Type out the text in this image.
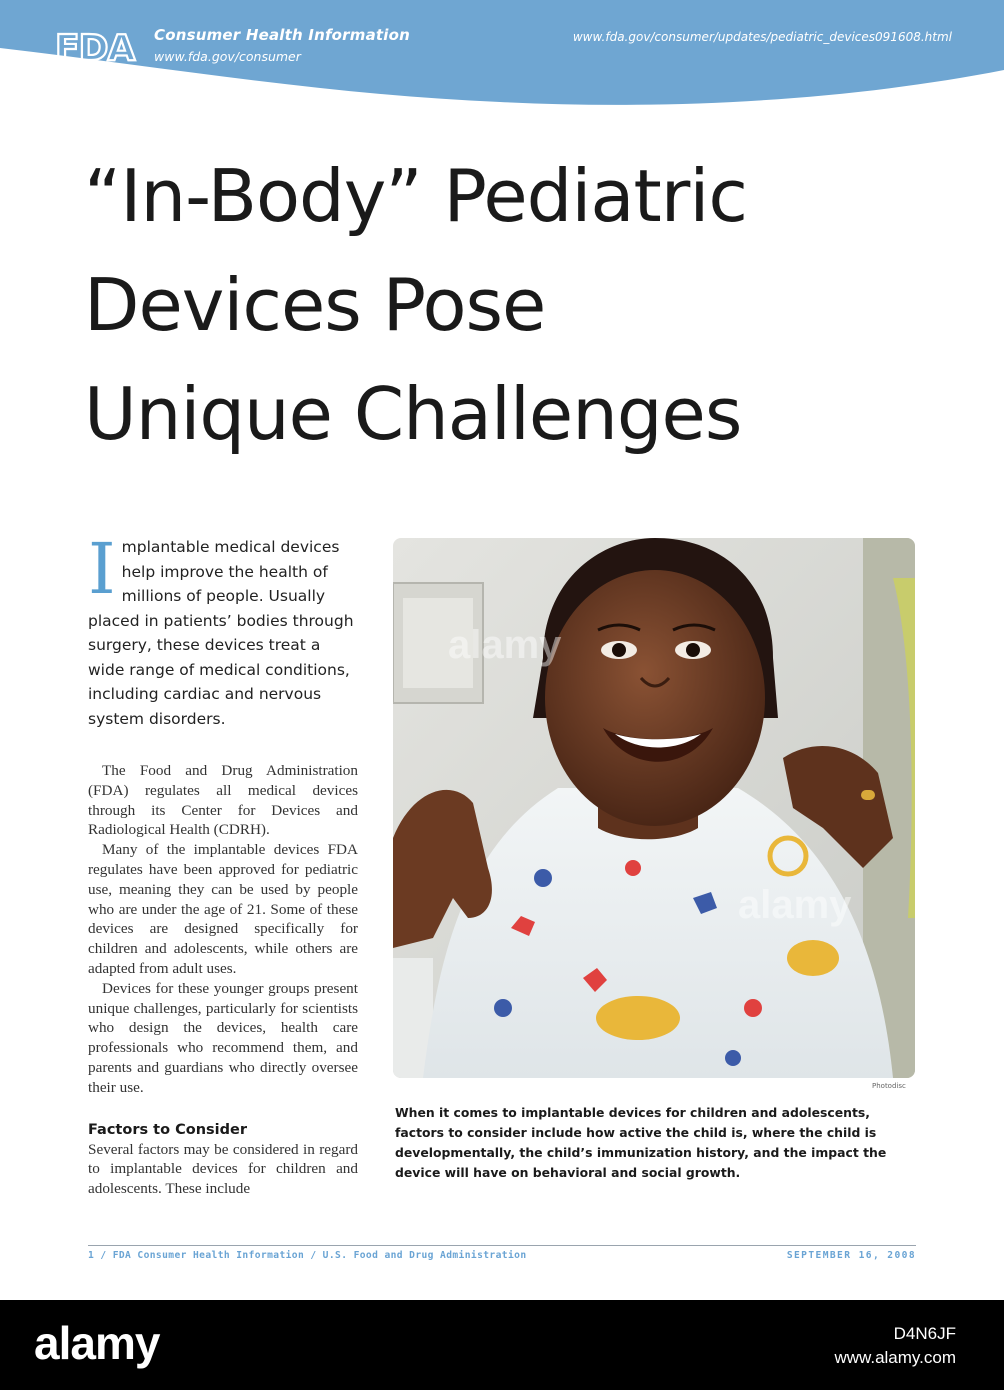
FDA Consumer Health Information
www.fda.gov/consumer
www.fda.gov/consumer/updates/pediatric_devices091608.html
“In-Body” Pediatric
Devices Pose
Unique Challenges

I mplantable medical devices help improve the health of millions of people. Usually placed in patients’ bodies through surgery, these devices treat a wide range of medical conditions, including cardiac and nervous system disorders.

The Food and Drug Administration (FDA) regulates all medical devices through its Center for Devices and Radiological Health (CDRH).

Many of the implantable devices FDA regulates have been approved for pediatric use, meaning they can be used by people who are under the age of 21. Some of these devices are designed specifically for children and adolescents, while others are adapted from adult uses.

Devices for these younger groups present unique challenges, particularly for scientists who design the devices, health care professionals who recommend them, and parents and guardians who directly oversee their use.

Factors to Consider

Several factors may be considered in regard to implantable devices for children and adolescents. These include

alamy
alamy
Photodisc

When it comes to implantable devices for children and adolescents, factors to consider include how active the child is, where the child is developmentally, the child’s immunization history, and the impact the device will have on behavioral and social growth.

1 / FDA Consumer Health Information / U.S. Food and Drug Administration	SEPTEMBER 16, 2008
alamy	D4N6JF
www.alamy.com
